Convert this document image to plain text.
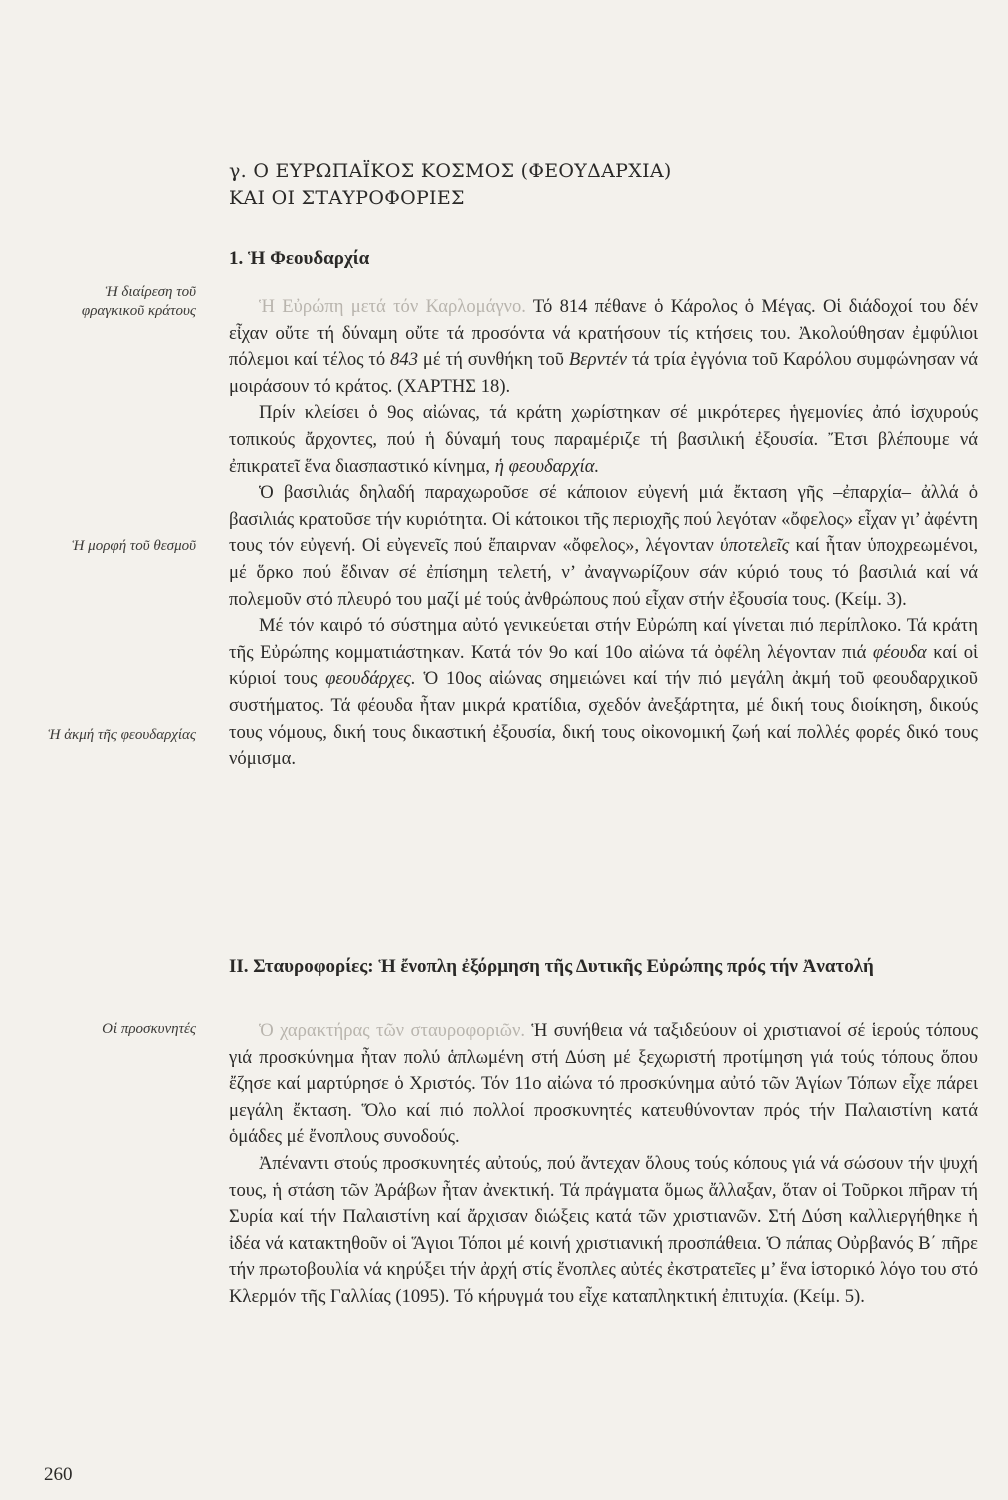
γ. Ο ΕΥΡΩΠΑΪΚΟΣ ΚΟΣΜΟΣ (ΦΕΟΥΔΑΡΧΙΑ)
ΚΑΙ ΟΙ ΣΤΑΥΡΟΦΟΡΙΕΣ
1. Ἡ Φεουδαρχία
Ἡ διαίρεση τοῦ φραγκικοῦ κράτους	Ἡ Εὐρώπη μετά τόν Καρλομάγνο. Τό 814 πέθανε ὁ Κάρολος ὁ Μέγας. Οἱ διάδοχοί του δέν εἶχαν οὔτε τή δύναμη οὔτε τά προσόντα νά κρατήσουν τίς κτήσεις του. Ἀκολούθησαν ἐμφύλιοι πόλεμοι καί τέλος τό 843 μέ τή συνθήκη τοῦ Βερντέν τά τρία ἐγγόνια τοῦ Καρόλου συμφώνησαν νά μοιράσουν τό κράτος. (ΧΑΡΤΗΣ 18).

Πρίν κλείσει ὁ 9ος αἰώνας, τά κράτη χωρίστηκαν σέ μικρότερες ἡγεμονίες ἀπό ἰσχυρούς τοπικούς ἄρχοντες, πού ἡ δύναμή τους παραμέριζε τή βασιλική ἐξουσία. Ἔτσι βλέπουμε νά ἐπικρατεῖ ἕνα διασπαστικό κίνημα, ἡ φεουδαρχία.

Ὁ βασιλιάς δηλαδή παραχωροῦσε σέ κάποιον εὐγενή μιά ἔκταση γῆς –ἐπαρχία– ἀλλά ὁ βασιλιάς κρατοῦσε τήν κυριότητα. Οἱ κάτοικοι τῆς περιοχῆς πού λεγόταν «ὄφελος» εἶχαν γι’ ἀφέντη τους τόν εὐγενή. Οἱ εὐγενεῖς πού ἔπαιρναν «ὄφελος», λέγονταν ὑποτελεῖς καί ἦταν ὑποχρεωμένοι, μέ ὅρκο πού ἔδιναν σέ ἐπίσημη τελετή, ν’ ἀναγνωρίζουν σάν κύριό τους τό βασιλιά καί νά πολεμοῦν στό πλευρό του μαζί μέ τούς ἀνθρώπους πού εἶχαν στήν ἐξουσία τους. (Κείμ. 3).

Μέ τόν καιρό τό σύστημα αὐτό γενικεύεται στήν Εὐρώπη καί γίνεται πιό περίπλοκο. Τά κράτη τῆς Εὐρώπης κομματιάστηκαν. Κατά τόν 9ο καί 10ο αἰώνα τά ὀφέλη λέγονταν πιά φέουδα καί οἱ κύριοί τους φεουδάρχες. Ὁ 10ος αἰώνας σημειώνει καί τήν πιό μεγάλη ἀκμή τοῦ φεουδαρχικοῦ συστήματος. Τά φέουδα ἦταν μικρά κρατίδια, σχεδόν ἀνεξάρτητα, μέ δική τους διοίκηση, δικούς τους νόμους, δική τους δικαστική ἐξουσία, δική τους οἰκονομική ζωή καί πολλές φορές δικό τους νόμισμα.

Ἡ μορφή τοῦ θεσμοῦ
Ἡ ἀκμή τῆς φεουδαρχίας
ΙΙ. Σταυροφορίες: Ἡ ἔνοπλη ἐξόρμηση τῆς Δυτικῆς Εὐρώπης πρός τήν Ἀνατολή
Οἱ προσκυνητές	Ὁ χαρακτήρας τῶν σταυροφοριῶν. Ἡ συνήθεια νά ταξιδεύουν οἱ χριστιανοί σέ ἱερούς τόπους γιά προσκύνημα ἦταν πολύ ἁπλωμένη στή Δύση μέ ξεχωριστή προτίμηση γιά τούς τόπους ὅπου ἔζησε καί μαρτύρησε ὁ Χριστός. Τόν 11ο αἰώνα τό προσκύνημα αὐτό τῶν Ἁγίων Τόπων εἶχε πάρει μεγάλη ἔκταση. Ὅλο καί πιό πολλοί προσκυνητές κατευθύνονταν πρός τήν Παλαιστίνη κατά ὁμάδες μέ ἔνοπλους συνοδούς.

Ἀπέναντι στούς προσκυνητές αὐτούς, πού ἄντεχαν ὅλους τούς κόπους γιά νά σώσουν τήν ψυχή τους, ἡ στάση τῶν Ἀράβων ἦταν ἀνεκτική. Τά πράγματα ὅμως ἄλλαξαν, ὅταν οἱ Τοῦρκοι πῆραν τή Συρία καί τήν Παλαιστίνη καί ἄρχισαν διώξεις κατά τῶν χριστιανῶν. Στή Δύση καλλιεργήθηκε ἡ ἰδέα νά κατακτηθοῦν οἱ Ἅγιοι Τόποι μέ κοινή χριστιανική προσπάθεια. Ὁ πάπας Οὐρβανός Β΄ πῆρε τήν πρωτοβουλία νά κηρύξει τήν ἀρχή στίς ἔνοπλες αὐτές ἐκστρατεῖες μ’ ἕνα ἱστορικό λόγο του στό Κλερμόν τῆς Γαλλίας (1095). Τό κήρυγμά του εἶχε καταπληκτική ἐπιτυχία. (Κείμ. 5).

260
